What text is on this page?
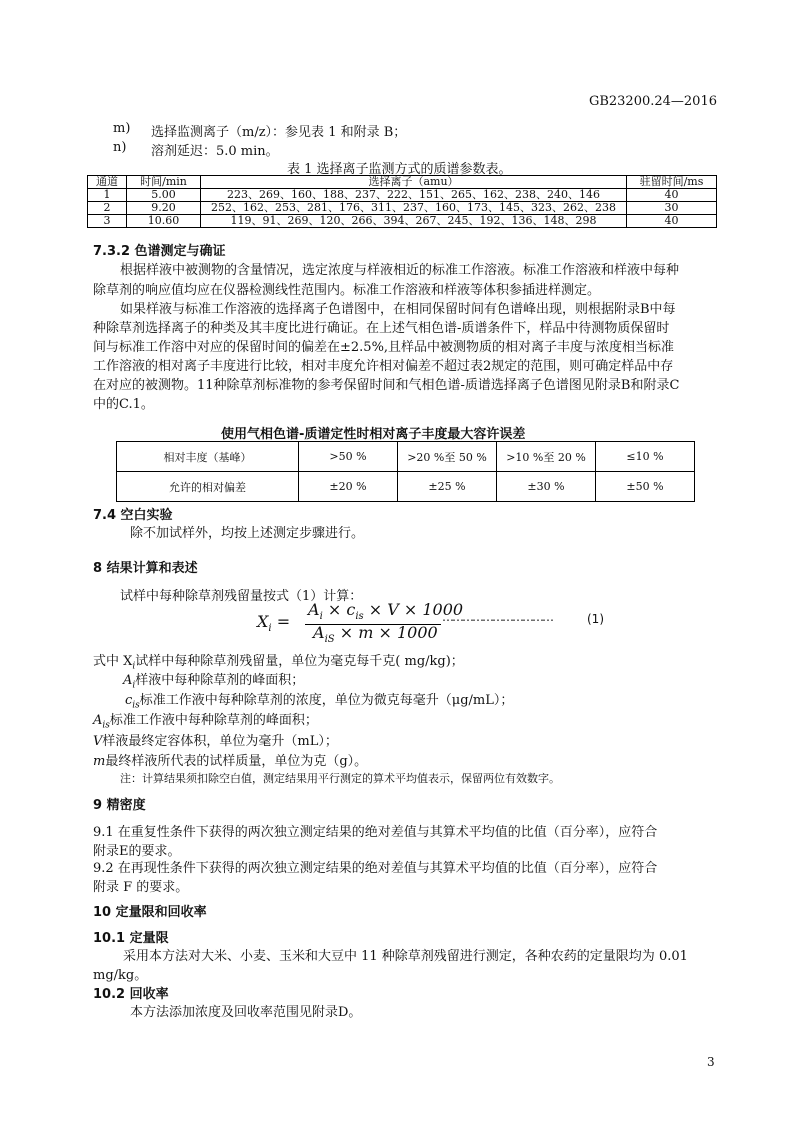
GB23200.24—2016
m) 选择监测离子（m/z）：参见表 1 和附录 B；
n) 溶剂延迟：5.0 min。
表 1 选择离子监测方式的质谱参数表。
通道	时间/min	选择离子（amu）	驻留时间/ms
1	5.00	223、269、160、188、237、222、151、265、162、238、240、146	40
2	9.20	252、162、253、281、176、311、237、160、173、145、323、262、238	30
3	10.60	119、91、269、120、266、394、267、245、192、136、148、298	40
7.3.2 色谱测定与确证
根据样液中被测物的含量情况，选定浓度与样液相近的标准工作溶液。标准工作溶液和样液中每种
除草剂的响应值均应在仪器检测线性范围内。标准工作溶液和样液等体积参插进样测定。
如果样液与标准工作溶液的选择离子色谱图中，在相同保留时间有色谱峰出现，则根据附录B中每
种除草剂选择离子的种类及其丰度比进行确证。在上述气相色谱-质谱条件下，样品中待测物质保留时
间与标准工作溶中对应的保留时间的偏差在±2.5%,且样品中被测物质的相对离子丰度与浓度相当标准
工作溶液的相对离子丰度进行比较，相对丰度允许相对偏差不超过表2规定的范围，则可确定样品中存
在对应的被测物。11种除草剂标准物的参考保留时间和气相色谱-质谱选择离子色谱图见附录B和附录C
中的C.1。
使用气相色谱-质谱定性时相对离子丰度最大容许误差
相对丰度（基峰）	>50 %	>20 %至 50 %	>10 %至 20 %	≤10 %
允许的相对偏差	±20 %	±25 %	±30 %	±50 %
7.4 空白实验
除不加试样外，均按上述测定步骤进行。
8 结果计算和表述
试样中每种除草剂残留量按式（1）计算：
$X_i$ =
$A_i \times c_{is} \times V \times 1000$
$A_{iS} \times m \times 1000$
……………………………	(1)
式中 $X_i$试样中每种除草剂残留量，单位为毫克每千克( mg/kg)；
$A_i$样液中每种除草剂的峰面积；
$c_{is}$标准工作液中每种除草剂的浓度，单位为微克每毫升（μg/mL）；
$A_{is}$标准工作液中每种除草剂的峰面积；
V样液最终定容体积，单位为毫升（mL）；
m最终样液所代表的试样质量，单位为克（g）。
注：计算结果须扣除空白值，测定结果用平行测定的算术平均值表示，保留两位有效数字。
9 精密度
9.1 在重复性条件下获得的两次独立测定结果的绝对差值与其算术平均值的比值（百分率），应符合
附录E的要求。
9.2 在再现性条件下获得的两次独立测定结果的绝对差值与其算术平均值的比值（百分率），应符合
附录 F 的要求。
10 定量限和回收率
10.1 定量限
采用本方法对大米、小麦、玉米和大豆中 11 种除草剂残留进行测定，各种农药的定量限均为 0.01
mg/kg。
10.2 回收率
本方法添加浓度及回收率范围见附录D。
3
